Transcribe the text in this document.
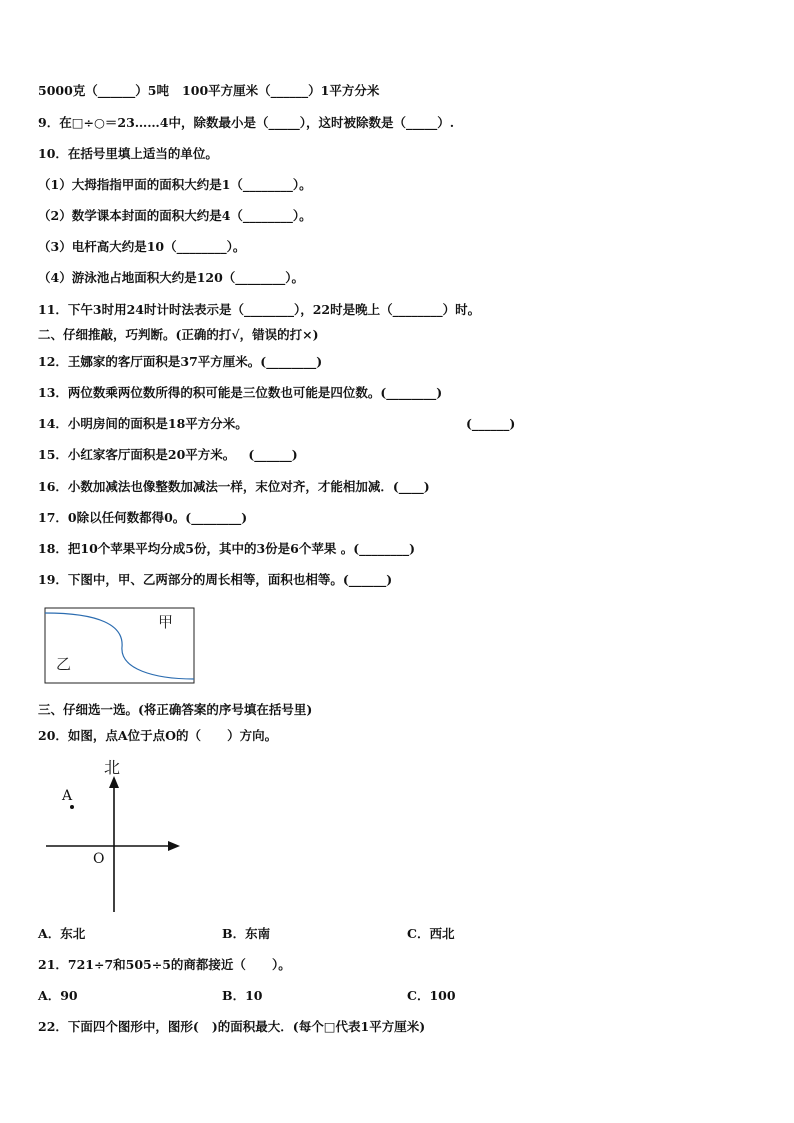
5000克（______）5吨   100平方厘米（______）1平方分米
9．在□÷○＝23……4中，除数最小是（_____），这时被除数是（_____）.
10．在括号里填上适当的单位。
（1）大拇指指甲面的面积大约是1（________）。
（2）数学课本封面的面积大约是4（________）。
（3）电杆高大约是10（________）。
（4）游泳池占地面积大约是120（________）。
11．下午3时用24时计时法表示是（________），22时是晚上（________）时。
二、仔细推敲，巧判断。(正确的打√，错误的打×)
12．王娜家的客厅面积是37平方厘米。(________)
13．两位数乘两位数所得的积可能是三位数也可能是四位数。(________)
14．小明房间的面积是18平方分米。	(______)
15．小红家客厅面积是20平方米。   (______)
16．小数加减法也像整数加减法一样，末位对齐，才能相加减．(____)
17．0除以任何数都得0。(________)
18．把10个苹果平均分成5份，其中的3份是6个苹果 。(________)
19．下图中，甲、乙两部分的周长相等，面积也相等。(______)
甲
乙
三、仔细选一选。(将正确答案的序号填在括号里)
20．如图，点A位于点O的（      ）方向。
北
A
O
A．东北	B．东南	C．西北
21．721÷7和505÷5的商都接近（      ）。
A．90	B．10	C．100
22．下面四个图形中，图形(   )的面积最大．(每个□代表1平方厘米)
